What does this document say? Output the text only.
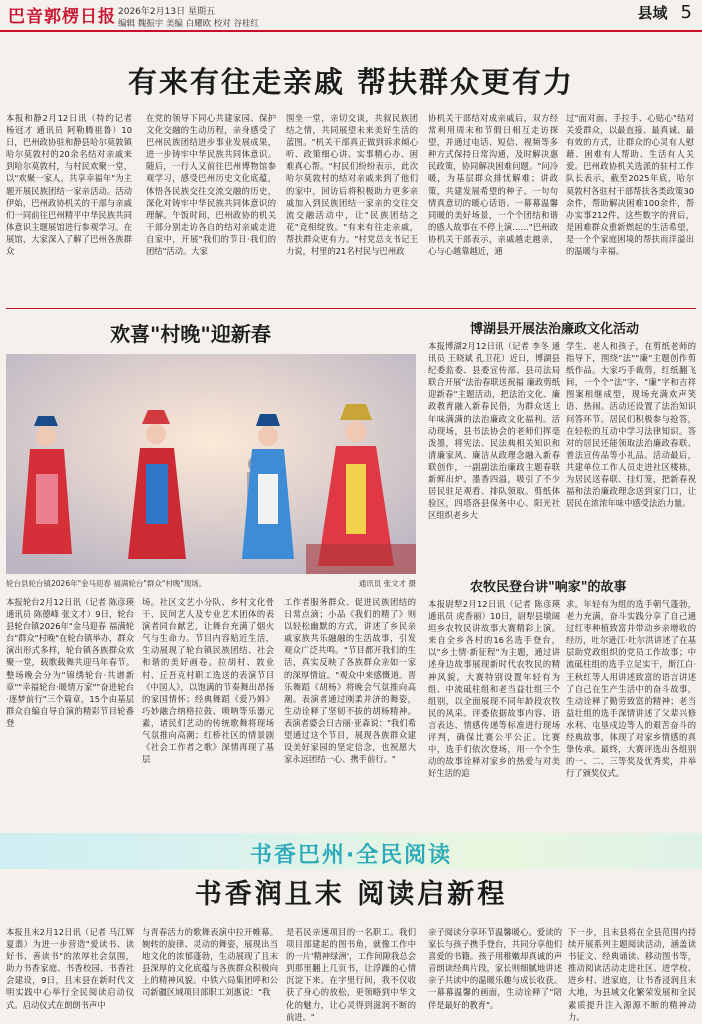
巴音郭楞日报 2026年2月13日 星期五
编辑 魏振宇 美编 白耀欧 校对 谷桂红
县域 5
有来有往走亲戚 帮扶群众更有力
本报和静2月12日讯（特约记者 杨冠才 通讯员 阿勒腾祖鲁）10日，巴州政协驻和静县哈尔莫敦镇哈尔莫敦村的20余名结对亲戚来到哈尔莫敦村，与村民欢聚一堂，以"欢聚一家人，共享幸福年"为主题开展民族团结一家亲活动。活动伊始，巴州政协机关的干部与亲戚们一同前往巴州精平中华民族共同体意识主题展馆进行参观学习。在展馆，大家深入了解了巴州各族群众
在党的领导下同心共建家园、保护文化交融的生动历程，亲身感受了巴州民族团结进步事业发展成果，进一步铸牢中华民族共同体意识。随后，一行人又前往巴州博物馆参观学习，感受巴州历史文化底蕴，体悟各民族交往交流交融的历史，深化对铸牢中华民族共同体意识的理解。午饭时间，巴州政协的机关干部分别走访各自的结对亲戚走进自家中，开展"我们的节日·我们的团结"活动。大家
围坐一堂，亲切交谈，共叙民族团结之情，共同展望未来美好生活的蓝图。"机关干部真正做到诉求倾心听、政策细心讲、实事精心办、困难真心帮。"村民们纷纷表示，此次哈尔莫敦村的结对亲戚来到了他们的家中，回访后将积极助力更多亲戚加入到民族团结一家亲的交往交流交融活动中，让"民族团结之花"竞相绽放。"有来有往走亲戚，帮扶群众更有力。"村党总支书记王力说，村里的21名村民与巴州政
协机关干部结对成亲戚后，双方经常利用周末和节假日相互走访探望，并通过电话、短信、视频等多种方式保持日常沟通，及时解决惠民政策，协同解决困难问题。"问冷暖，为基层群众排忧解难；讲政策，共建发展希望的种子。一句句情真意切的暖心话语、一幕幕温馨同暖的美好场景，一个个团结和谐的感人故事在不停上演……"巴州政协机关干部表示，亲戚越走越亲，心与心越靠越近，通
过"面对面、手拉手、心贴心"结对关爱群众，以最直接、最真诚、最有效的方式，让群众的心灵有人慰藉、困难有人帮助、生活有人关爱。巴州政协机关选派的驻村工作队长表示，截至2025年底，哈尔莫敦村各驻村干部帮扶各类政策30余件，帮助解决困难100余件，帮办实事212件。这些数字的背后，是困难群众重新燃起的生活希望，是一个个家庭困境的帮扶而洋溢出的温暖与幸福。
欢喜"村晚"迎新春
轮台县轮台镇2026年"金马迎春 福满轮台"群众"村晚"现场。	通讯员 张文才 摄
本报轮台2月12日讯（记者 陈彦瑛 通讯员 陈德峰 张文才）9日，轮台县轮台镇2026年"金马迎春 福满轮台"群众"村晚"在轮台镇举办，群众演出形式多样，轮台镇各族群众欢聚一堂，载歌载舞共迎马年春节。整场晚会分为"锦绣轮台·共谱新章""幸福轮台·暖情万家""奋进轮台·逐梦前行"三个篇章，15个由基层群众自编自导自演的精彩节目轮番登
场。社区文艺小分队、乡村文化骨干、民间艺人及专业艺术团体的表演者同台献艺，让舞台充满了烟火气与生命力。节目内容贴近生活，生动展现了轮台镇民族团结、社会和谐的美好画卷。拉胡村、敦业村、丘吾克村职工选送的表演节目《中国人》，以饱满的节奏舞出昂扬的家国情怀；经典舞蹈《爱乃姆》巧妙融合纳格拉鼓、唢呐等乐器元素，诸民们艺动的传统歌舞将现场气氛推向高潮；红桥社区的情景剧《社会工作者之歌》深情再现了基层
工作者服务群众、促进民族团结的日常点滴；小品《我们的精了》则以轻松幽默的方式，讲述了乡民亲戚家族共乐融融的生活故事，引发观众广泛共鸣。"节目都开我们的生活，真实反映了各族群众亲如一家的深厚情谊。"观众中来感慨道。晋乐舞蹈《胡杨》将晚会气氛推向高潮。表演者通过刚柔并济的舞姿，生动诠释了坚韧不拔的胡杨精神。表演者婆会日吉丽·亚森说："我们希望通过这个节目，展现各族群众建设美好家园的坚定信念，也祝愿大家永远团结一心、携手前行。"
博湖县开展法治廉政文化活动
本报博湖2月12日讯（记者 李冬 通讯员 王晓斌 孔卫花）近日，博湖县纪委监委、县委宣传部、县司法局联合开展"法治春联送祝福 廉政剪纸迎新春"主题活动，把法治文化、廉政教育融入新春民俗，为群众送上年味满满的法治廉政文化福利。活动现场，县书法协会的老师们挥毫泼墨，将宪法、民法典相关知识和清廉家风、廉洁从政理念融入新春联创作，一副副法治廉政主题春联新鲜出炉。墨香四溢，吸引了不少居民驻足观看、排队领取。剪纸体验区，四塔洛县保务中心、阳光社区组织老乡大
学生、老人和孩子，在剪纸老师的指导下，围绕"法""廉"主题创作剪纸作品。大家巧手裁剪，红纸翻飞间，一个个"法"字、"廉"字和吉祥图案相继成型，现场充满欢声笑语、热闹。活动还设置了法治知识问答环节。居民们积极参与抢答，在轻松的互动中学习法律知识。答对的居民还能领取法治廉政春联、普法宣传品等小礼品。活动最后，共建单位工作人员走进社区楼栋，为居民送春联、挂灯笼，把新春祝福和法治廉政理念送到家门口，让居民在浓浓年味中感受法治力量。
农牧民登台讲"响家"的故事
本报尉犁2月12日讯（记者 陈彦瑛 通讯员 虎香丽）10日，尉犁县墩阔坦乡农牧民讲故事大赛精彩上演。来自全乡各村的16名选手登台，以"乡土情·新征程"为主题，通过讲述身边故事展现新时代农牧民的精神风貌。大赛特别设置年轻有为组、中流砥柱组和老当益壮组三个组别，以全面展现不同年龄段农牧民的风采。评委依据故事内容、语言表达、情感传递等标准进行现场评判，确保比赛公平公正。比赛中，选手们依次登场，用一个个生动的故事诠释对家乡的热爱与对美好生活的追
求。年轻有为组的选手朝气蓬勃，老力充满，奋斗实践分享了自己通过红枣种植致富并带动乡亲增收的经历，吐尔逊江·吐尔洪讲述了在基层助党政组织的党员工作故事；中流砥柱组的选手立足实干，斯江白·王秋红等人用讲述致富的语言讲述了自己在生产生活中的奋斗故事，生动诠释了勤劳致富的精神；老当益壮组的选手深情讲述了父辈兴修水利、屯垦戍边等人的艰苦奋斗的经典故事，体现了对家乡情感的真挚传承。最终，大赛评选出各组别的一、二、三等奖及优秀奖，并举行了颁奖仪式。
书香巴州·全民阅读
书香润且末 阅读启新程
本报且末2月12日讯（记者 马江辉 夏翡）为进一步营造"爱读书、读好书、善读书"的浓厚社会氛围，助力书香家庭、书香校园、书香社会建设，9日，且末县在新时代文明实践中心举行全民阅读启动仪式。启动仪式在朗朗书声中
与青春活力的歌舞表演中拉开帷幕。婉转的旋律、灵动的舞姿，展现出当地文化的浓郁蓬勃，生动展现了且末县深厚的文化底蕴与各族群众积极向上的精神风貌。中铁六局集团呼和公司新疆区域项目部职工刘惠说："我
是若民亲速项目的一名职工。我们项目部建起的图书角，就像工作中的一片'精神绿洲'，工作间隙我总会到那里翻上几页书，让浮躁的心情沉淀下来。在字里行间，我不仅收获了身心的放松，更领略到中华文化的魅力，让心灵得到滋润不断的前进。"
亲子阅读分享环节温馨暖心。爱读的家长与孩子携手登台，共同分享他们喜爱的书籍。孩子用稚嫩却真诚的声音朗读经典片段，家长则细腻地讲述亲子共读中的温暖乐趣与成长收获。一幕幕温馨的画面，生动诠释了"陪伴是最好的教育"。
下一步，且末县将在全县范围内持续开展系列主题阅读活动，涵盖读书征文、经典诵读、移动图书等，推动阅读活动走进社区、进学校、进乡村、进家庭，让书香浸润且末大地，为县域文化繁荣发展和全民素质提升注入源源不断的精神动力。
